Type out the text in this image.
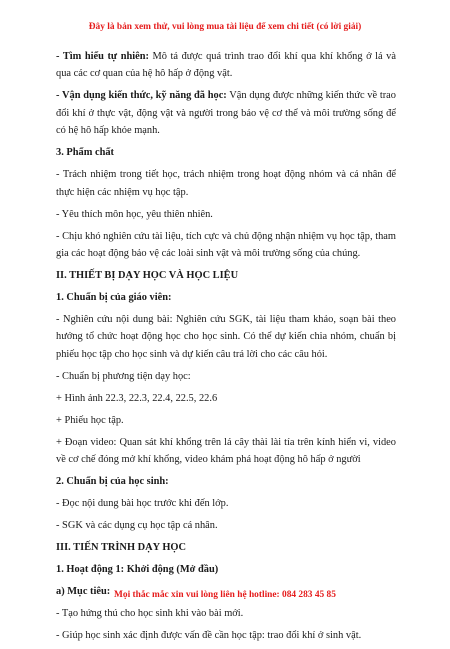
Đây là bản xem thử, vui lòng mua tài liệu để xem chi tiết (có lời giải)

- Tìm hiểu tự nhiên: Mô tả được quá trình trao đổi khí qua khí khổng ở lá và qua các cơ quan của hệ hô hấp ở động vật.

- Vận dụng kiến thức, kỹ năng đã học: Vận dụng được những kiến thức về trao đổi khí ở thực vật, động vật và người trong bảo vệ cơ thể và môi trường sống để có hệ hô hấp khỏe mạnh.

3. Phẩm chất

- Trách nhiệm trong tiết học, trách nhiệm trong hoạt động nhóm và cá nhân để thực hiện các nhiệm vụ học tập.

- Yêu thích môn học, yêu thiên nhiên.

- Chịu khó nghiên cứu tài liệu, tích cực và chủ động nhận nhiệm vụ học tập, tham gia các hoạt động bảo vệ các loài sinh vật và môi trường sống của chúng.

II. THIẾT BỊ DẠY HỌC VÀ HỌC LIỆU

1. Chuẩn bị của giáo viên:

- Nghiên cứu nội dung bài: Nghiên cứu SGK, tài liệu tham khảo, soạn bài theo hướng tổ chức hoạt động học cho học sinh. Có thể dự kiến chia nhóm, chuẩn bị phiếu học tập cho học sinh và dự kiến câu trả lời cho các câu hỏi.

- Chuẩn bị phương tiện dạy học:

+ Hình ảnh 22.3, 22.3, 22.4, 22.5, 22.6

+ Phiếu học tập.

+ Đoạn video: Quan sát khí khổng trên lá cây thài lài tía trên kính hiển vi, video về cơ chế đóng mở khí khổng, video khám phá hoạt động hô hấp ở người

2. Chuẩn bị của học sinh:

- Đọc nội dung bài học trước khi đến lớp.

- SGK và các dụng cụ học tập cá nhân.

III. TIẾN TRÌNH DẠY HỌC

1. Hoạt động 1: Khởi động (Mở đầu)

a) Mục tiêu:

- Tạo hứng thú cho học sinh khi vào bài mới.

- Giúp học sinh xác định được vấn đề cần học tập: trao đổi khí ở sinh vật.

Mọi thắc mắc xin vui lòng liên hệ hotline: 084 283 45 85
